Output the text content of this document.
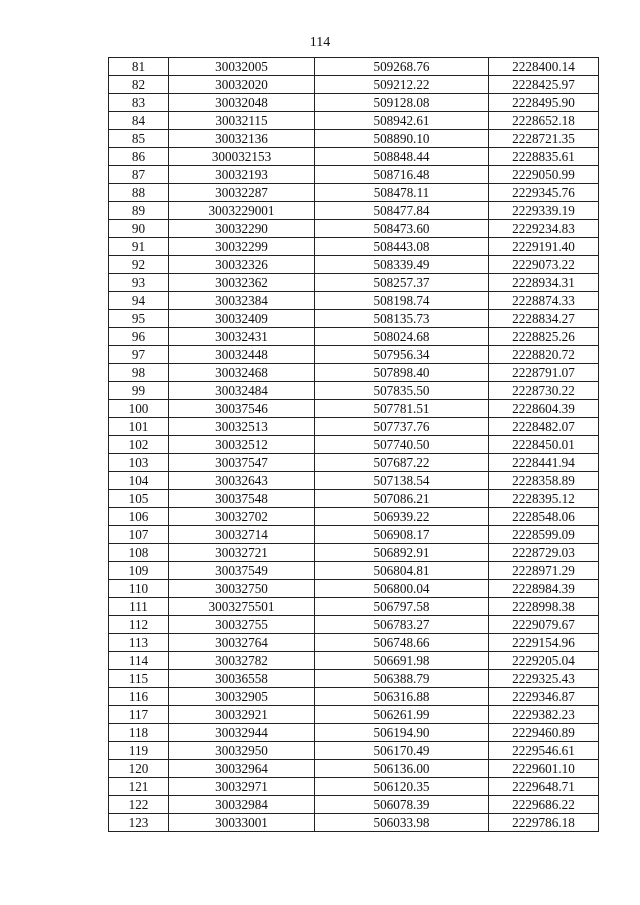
114
81	30032005	509268.76	2228400.14
82	30032020	509212.22	2228425.97
83	30032048	509128.08	2228495.90
84	30032115	508942.61	2228652.18
85	30032136	508890.10	2228721.35
86	300032153	508848.44	2228835.61
87	30032193	508716.48	2229050.99
88	30032287	508478.11	2229345.76
89	3003229001	508477.84	2229339.19
90	30032290	508473.60	2229234.83
91	30032299	508443.08	2229191.40
92	30032326	508339.49	2229073.22
93	30032362	508257.37	2228934.31
94	30032384	508198.74	2228874.33
95	30032409	508135.73	2228834.27
96	30032431	508024.68	2228825.26
97	30032448	507956.34	2228820.72
98	30032468	507898.40	2228791.07
99	30032484	507835.50	2228730.22
100	30037546	507781.51	2228604.39
101	30032513	507737.76	2228482.07
102	30032512	507740.50	2228450.01
103	30037547	507687.22	2228441.94
104	30032643	507138.54	2228358.89
105	30037548	507086.21	2228395.12
106	30032702	506939.22	2228548.06
107	30032714	506908.17	2228599.09
108	30032721	506892.91	2228729.03
109	30037549	506804.81	2228971.29
110	30032750	506800.04	2228984.39
111	3003275501	506797.58	2228998.38
112	30032755	506783.27	2229079.67
113	30032764	506748.66	2229154.96
114	30032782	506691.98	2229205.04
115	30036558	506388.79	2229325.43
116	30032905	506316.88	2229346.87
117	30032921	506261.99	2229382.23
118	30032944	506194.90	2229460.89
119	30032950	506170.49	2229546.61
120	30032964	506136.00	2229601.10
121	30032971	506120.35	2229648.71
122	30032984	506078.39	2229686.22
123	30033001	506033.98	2229786.18
